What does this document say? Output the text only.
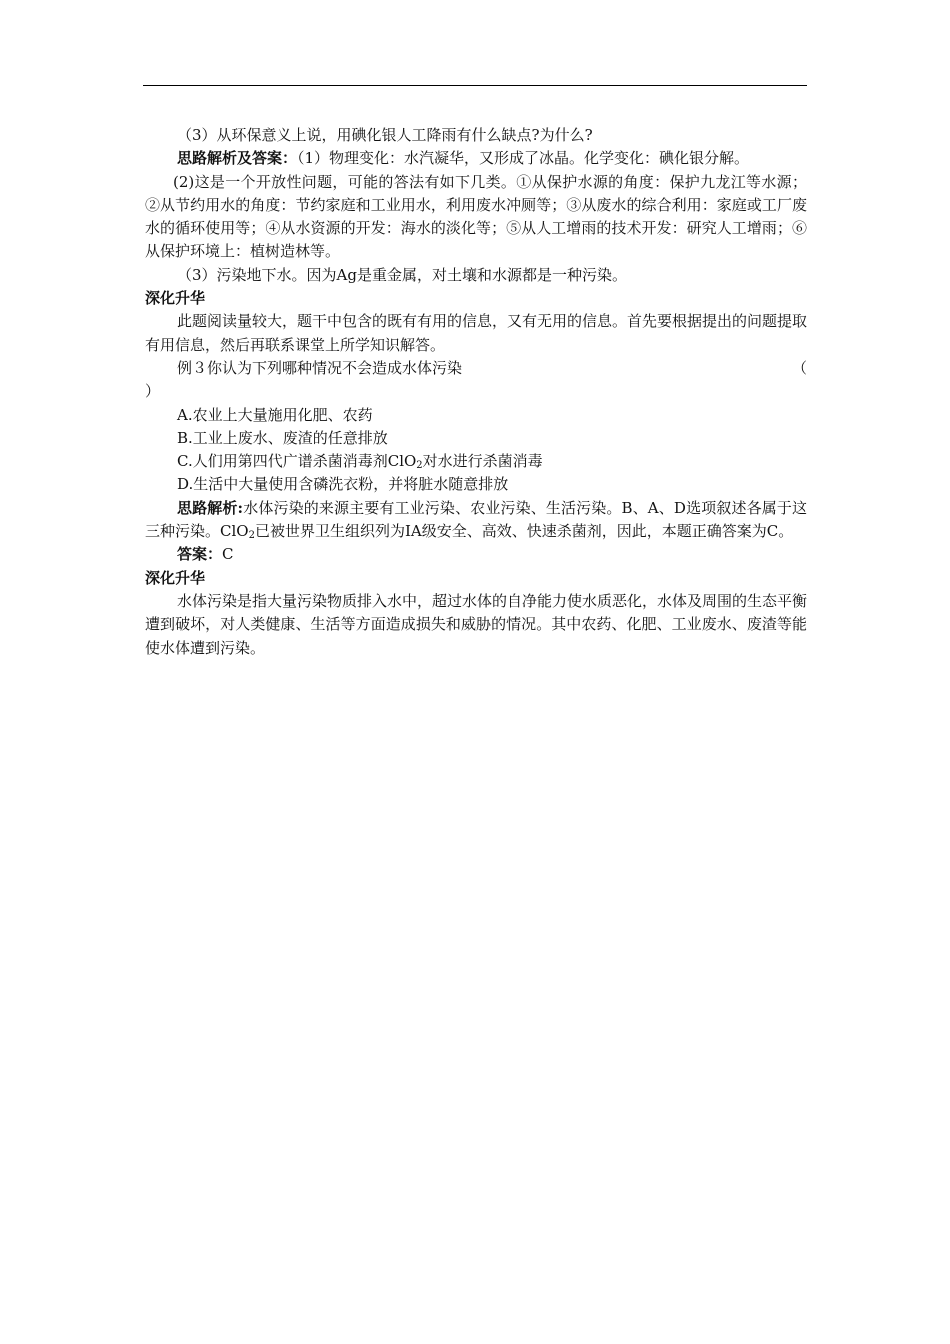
（3）从环保意义上说，用碘化银人工降雨有什么缺点?为什么?

思路解析及答案：（1）物理变化：水汽凝华，又形成了冰晶。化学变化：碘化银分解。

(2)这是一个开放性问题，可能的答法有如下几类。①从保护水源的角度：保护九龙江等水源；②从节约用水的角度：节约家庭和工业用水，利用废水冲厕等；③从废水的综合利用：家庭或工厂废水的循环使用等；④从水资源的开发：海水的淡化等；⑤从人工增雨的技术开发：研究人工增雨；⑥从保护环境上：植树造林等。

（3）污染地下水。因为Ag是重金属，对土壤和水源都是一种污染。

深化升华

此题阅读量较大，题干中包含的既有有用的信息，又有无用的信息。首先要根据提出的问题提取有用信息，然后再联系课堂上所学知识解答。

例３你认为下列哪种情况不会造成水体污染	（

）

A.农业上大量施用化肥、农药

B.工业上废水、废渣的任意排放

C.人们用第四代广谱杀菌消毒剂ClO$_2$对水进行杀菌消毒

D.生活中大量使用含磷洗衣粉，并将脏水随意排放

思路解析:水体污染的来源主要有工业污染、农业污染、生活污染。B、A、D选项叙述各属于这三种污染。ClO$_2$已被世界卫生组织列为ⅠA级安全、高效、快速杀菌剂，因此，本题正确答案为C。

答案：C

深化升华

水体污染是指大量污染物质排入水中，超过水体的自净能力使水质恶化，水体及周围的生态平衡遭到破坏，对人类健康、生活等方面造成损失和威胁的情况。其中农药、化肥、工业废水、废渣等能使水体遭到污染。
